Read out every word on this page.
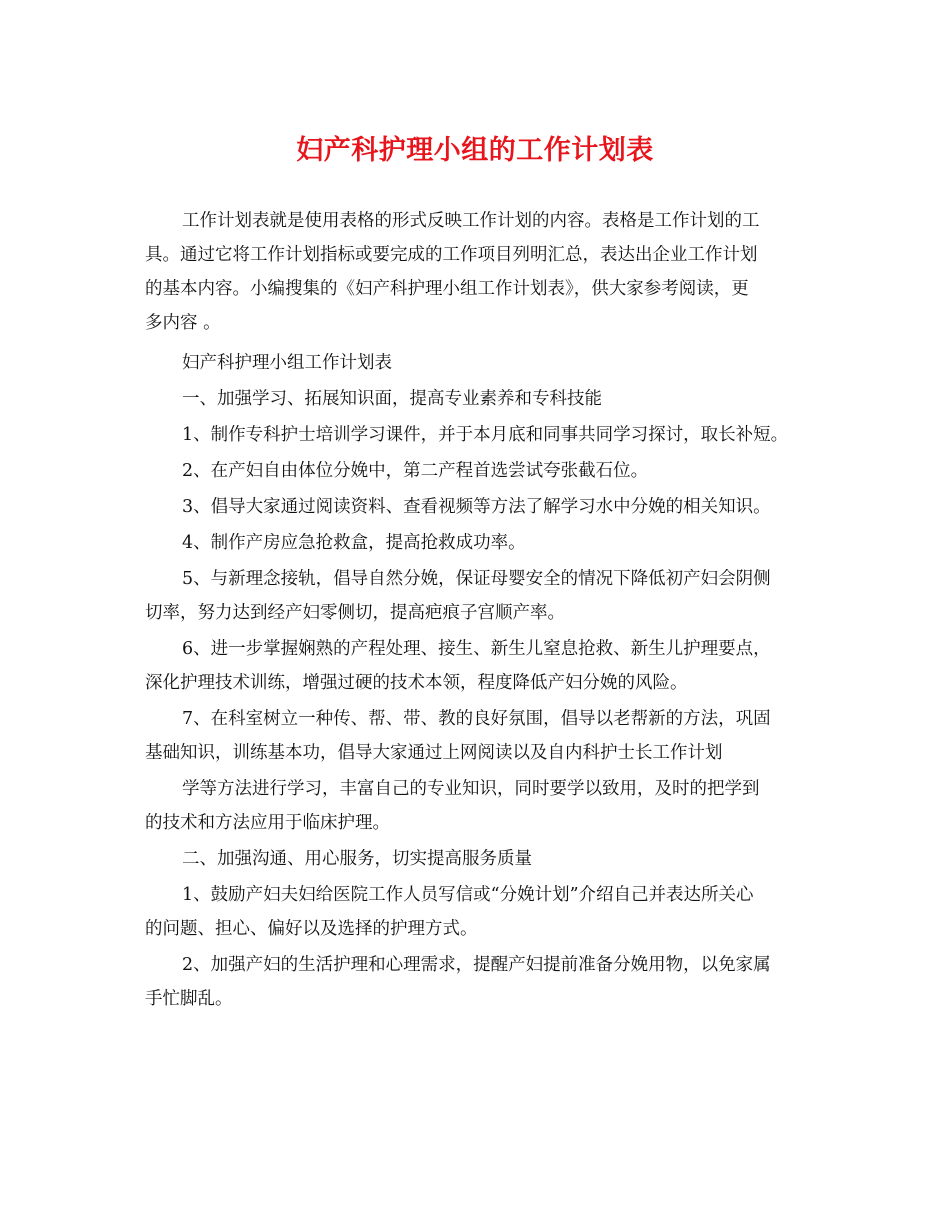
妇产科护理小组的工作计划表
工作计划表就是使用表格的形式反映工作计划的内容。表格是工作计划的工
具。通过它将工作计划指标或要完成的工作项目列明汇总，表达出企业工作计划
的基本内容。小编搜集的《妇产科护理小组工作计划表》，供大家参考阅读，更
多内容 。
妇产科护理小组工作计划表
一、加强学习、拓展知识面，提高专业素养和专科技能
1、制作专科护士培训学习课件，并于本月底和同事共同学习探讨，取长补短。
2、在产妇自由体位分娩中，第二产程首选尝试夸张截石位。
3、倡导大家通过阅读资料、查看视频等方法了解学习水中分娩的相关知识。
4、制作产房应急抢救盒，提高抢救成功率。
5、与新理念接轨，倡导自然分娩，保证母婴安全的情况下降低初产妇会阴侧
切率，努力达到经产妇零侧切，提高疤痕子宫顺产率。
6、进一步掌握娴熟的产程处理、接生、新生儿窒息抢救、新生儿护理要点，
深化护理技术训练，增强过硬的技术本领，程度降低产妇分娩的风险。
7、在科室树立一种传、帮、带、教的良好氛围，倡导以老帮新的方法，巩固
基础知识，训练基本功，倡导大家通过上网阅读以及自内科护士长工作计划
学等方法进行学习，丰富自己的专业知识，同时要学以致用，及时的把学到
的技术和方法应用于临床护理。
二、加强沟通、用心服务，切实提高服务质量
1、鼓励产妇夫妇给医院工作人员写信或“分娩计划”介绍自己并表达所关心
的问题、担心、偏好以及选择的护理方式。
2、加强产妇的生活护理和心理需求，提醒产妇提前准备分娩用物，以免家属
手忙脚乱。
